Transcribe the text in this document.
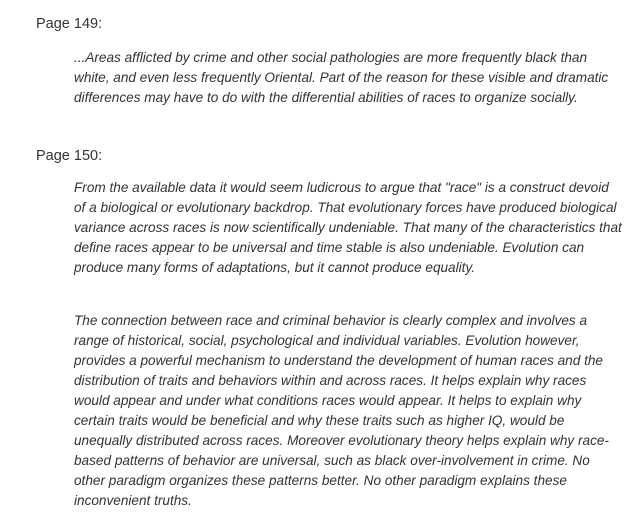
Page 149:

...Areas afflicted by crime and other social pathologies are more frequently black than white, and even less frequently Oriental. Part of the reason for these visible and dramatic differences may have to do with the differential abilities of races to organize socially.

Page 150:

From the available data it would seem ludicrous to argue that "race" is a construct devoid of a biological or evolutionary backdrop. That evolutionary forces have produced biological variance across races is now scientifically undeniable. That many of the characteristics that define races appear to be universal and time stable is also undeniable. Evolution can produce many forms of adaptations, but it cannot produce equality.

The connection between race and criminal behavior is clearly complex and involves a range of historical, social, psychological and individual variables. Evolution however, provides a powerful mechanism to understand the development of human races and the distribution of traits and behaviors within and across races. It helps explain why races would appear and under what conditions races would appear. It helps to explain why certain traits would be beneficial and why these traits such as higher IQ, would be unequally distributed across races. Moreover evolutionary theory helps explain why race-based patterns of behavior are universal, such as black over-involvement in crime. No other paradigm organizes these patterns better. No other paradigm explains these inconvenient truths.
